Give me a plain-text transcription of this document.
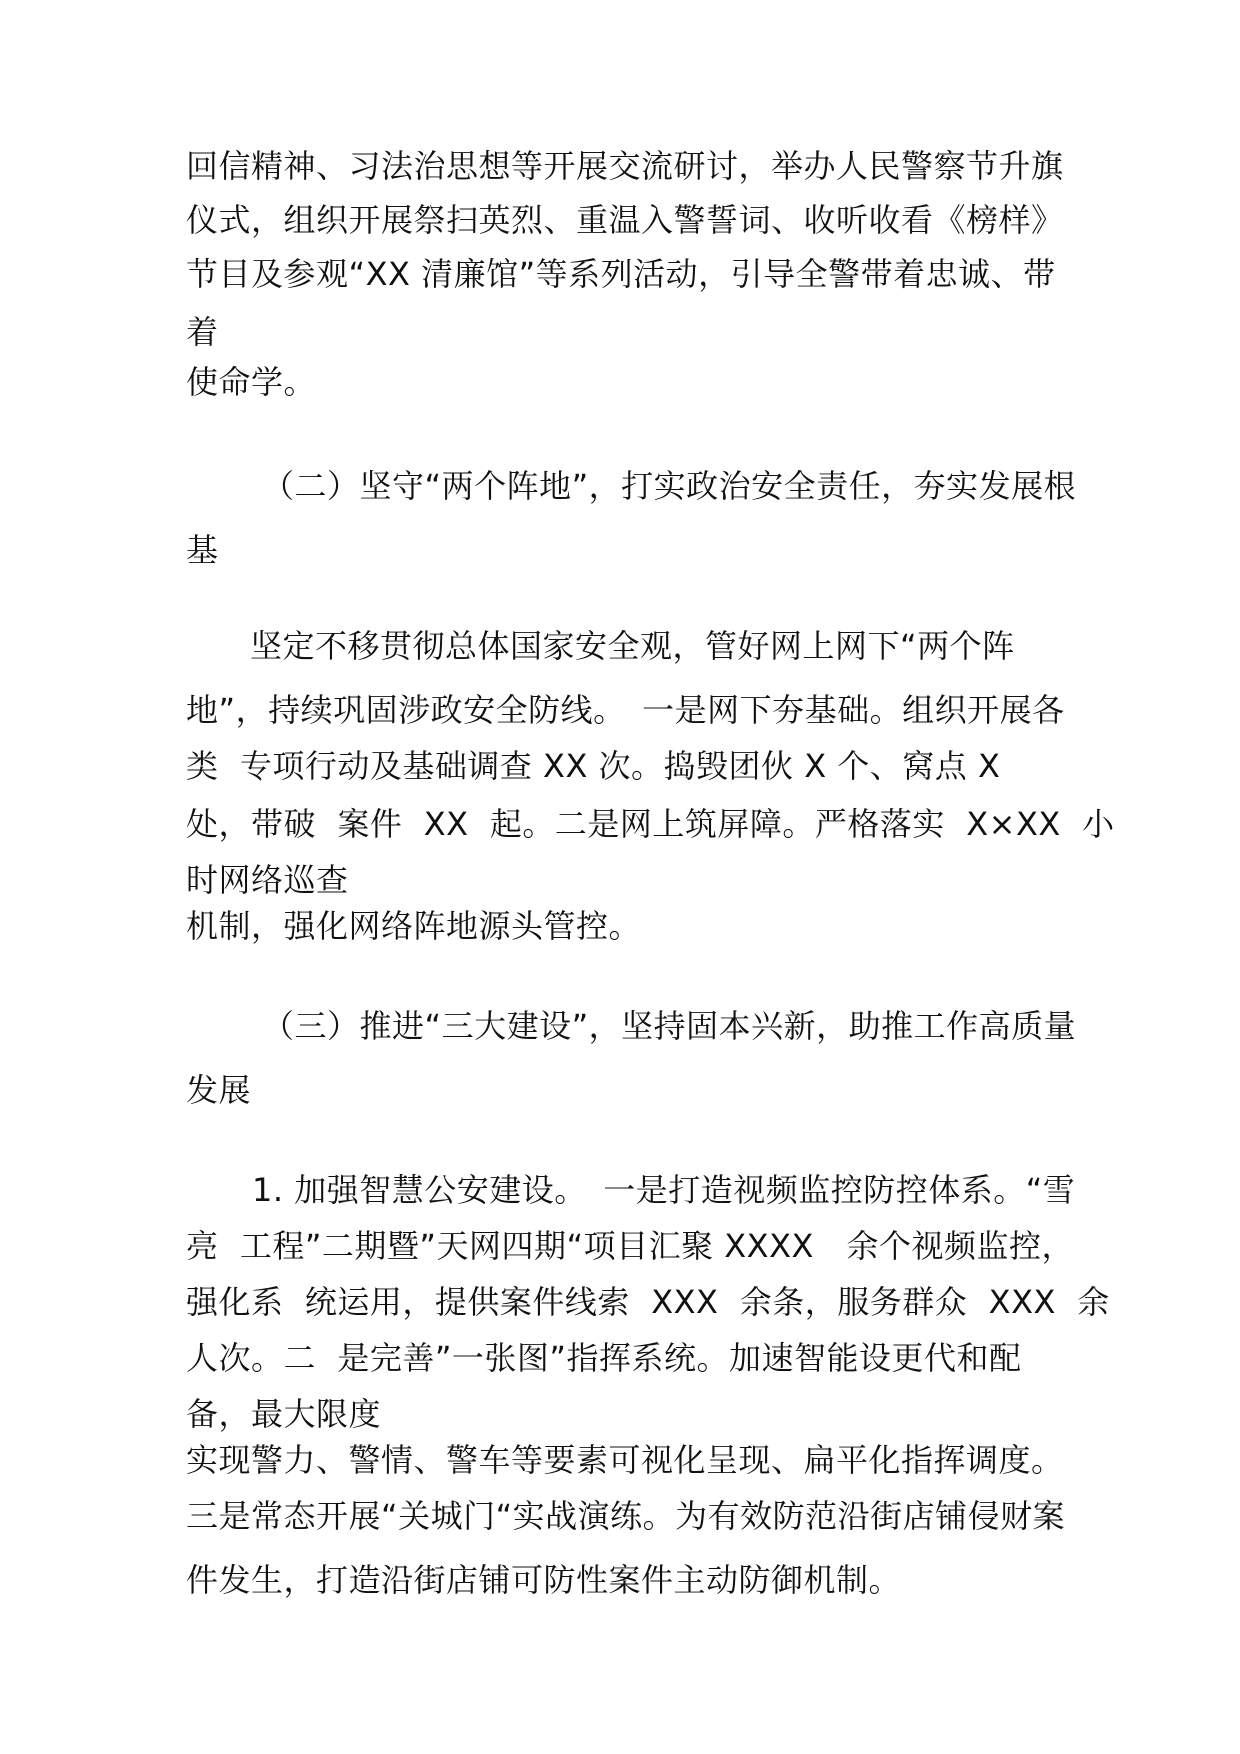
回信精神、习法治思想等开展交流研讨，举办人民警察节升旗
仪式，组织开展祭扫英烈、重温入警誓词、收听收看《榜样》
节目及参观“XX 清廉馆”等系列活动，引导全警带着忠诚、带
着
使命学。
（二）坚守“两个阵地”，打实政治安全责任，夯实发展根
基
坚定不移贯彻总体国家安全观，管好网上网下“两个阵
地”，持续巩固涉政安全防线。　一是网下夯基础。组织开展各
类  专项行动及基础调查 XX 次。捣毁团伙 X 个、窝点 X
处，带破  案件  XX  起。二是网上筑屏障。严格落实  X×XX  小
时网络巡查
机制，强化网络阵地源头管控。
（三）推进“三大建设”，坚持固本兴新，助推工作高质量
发展
1. 加强智慧公安建设。　一是打造视频监控防控体系。“雪
亮  工程”二期暨”天网四期“项目汇聚 XXXX　余个视频监控，
强化系  统运用，提供案件线索  XXX  余条，服务群众  XXX  余
人次。二  是完善”一张图”指挥系统。加速智能设更代和配
备，最大限度
实现警力、警情、警车等要素可视化呈现、扁平化指挥调度。
三是常态开展“关城门“实战演练。为有效防范沿街店铺侵财案
件发生，打造沿街店铺可防性案件主动防御机制。
